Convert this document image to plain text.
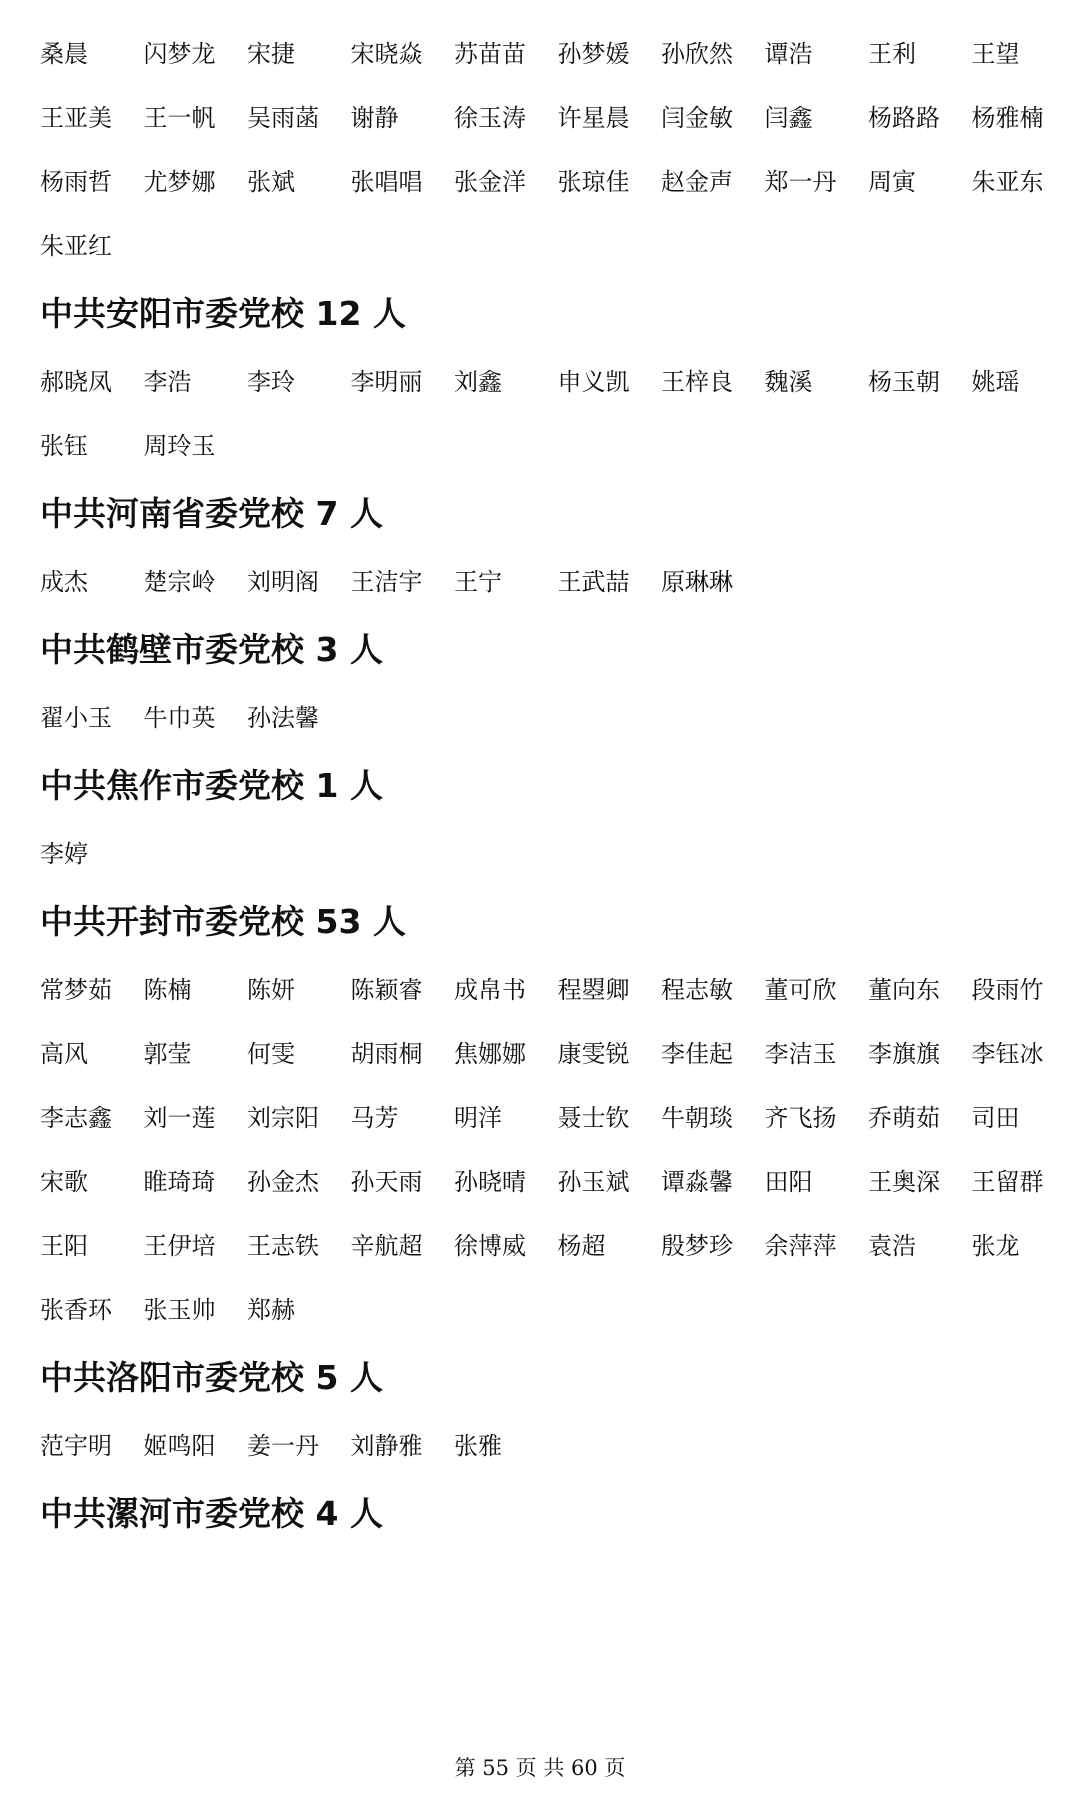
桑晨	闪梦龙	宋捷	宋晓焱	苏苗苗	孙梦媛	孙欣然	谭浩	王利	王望
王亚美	王一帆	吴雨菡	谢静	徐玉涛	许星晨	闫金敏	闫鑫	杨路路	杨雅楠
杨雨哲	尤梦娜	张斌	张唱唱	张金洋	张琼佳	赵金声	郑一丹	周寅	朱亚东
朱亚红
中共安阳市委党校 12 人
郝晓凤	李浩	李玲	李明丽	刘鑫	申义凯	王梓良	魏溪	杨玉朝	姚瑶
张钰	周玲玉
中共河南省委党校 7 人
成杰	楚宗岭	刘明阁	王洁宇	王宁	王武喆	原琳琳
中共鹤壁市委党校 3 人
翟小玉	牛巾英	孙法馨
中共焦作市委党校 1 人
李婷
中共开封市委党校 53 人
常梦茹	陈楠	陈妍	陈颖睿	成帛书	程曌卿	程志敏	董可欣	董向东	段雨竹
高风	郭莹	何雯	胡雨桐	焦娜娜	康雯锐	李佳起	李洁玉	李旗旗	李钰冰
李志鑫	刘一莲	刘宗阳	马芳	明洋	聂士钦	牛朝琰	齐飞扬	乔萌茹	司田
宋歌	睢琦琦	孙金杰	孙天雨	孙晓晴	孙玉斌	谭淼馨	田阳	王奥深	王留群
王阳	王伊培	王志铁	辛航超	徐博威	杨超	殷梦珍	余萍萍	袁浩	张龙
张香环	张玉帅	郑赫
中共洛阳市委党校 5 人
范宇明	姬鸣阳	姜一丹	刘静雅	张雅
中共漯河市委党校 4 人
第 55 页 共 60 页
